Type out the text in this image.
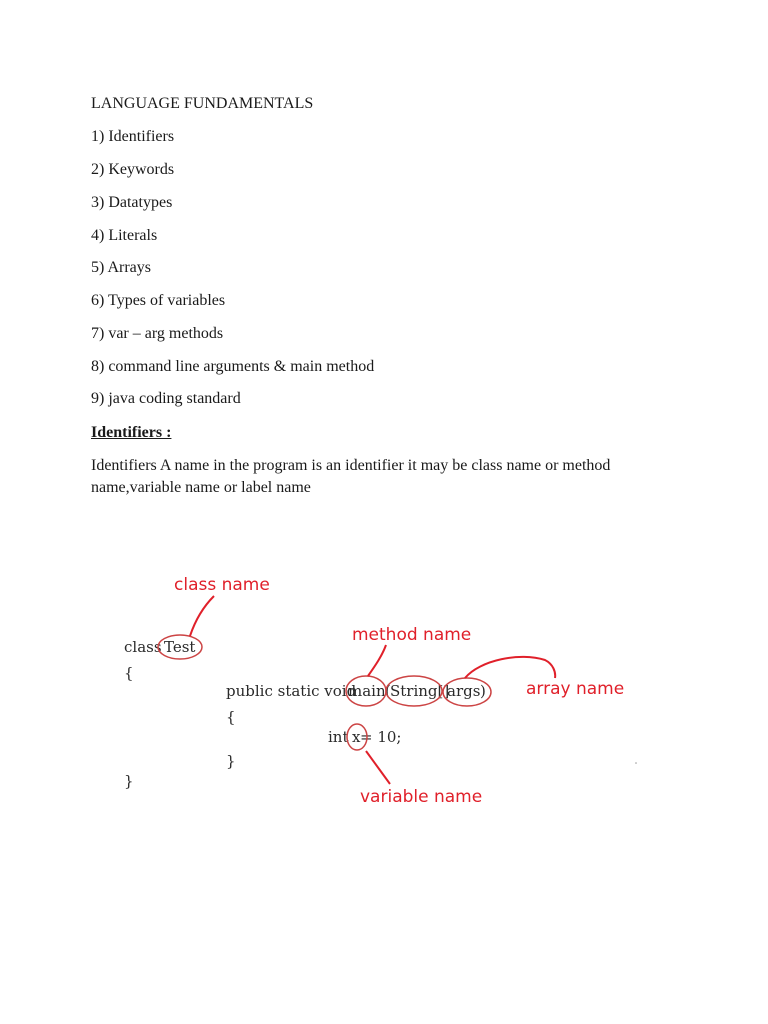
LANGUAGE FUNDAMENTALS
1) Identifiers
2) Keywords
3) Datatypes
4) Literals
5) Arrays
6) Types of variables
7) var – arg methods
8) command line arguments & main method
9) java coding standard
Identifiers :
Identifiers A name in the program is an identifier it may be class name or method name,variable name or label name
class Test
{
public static void
main ( String[]
args )
{
int x = 10;
}
}
class name
method name
array name
variable name
